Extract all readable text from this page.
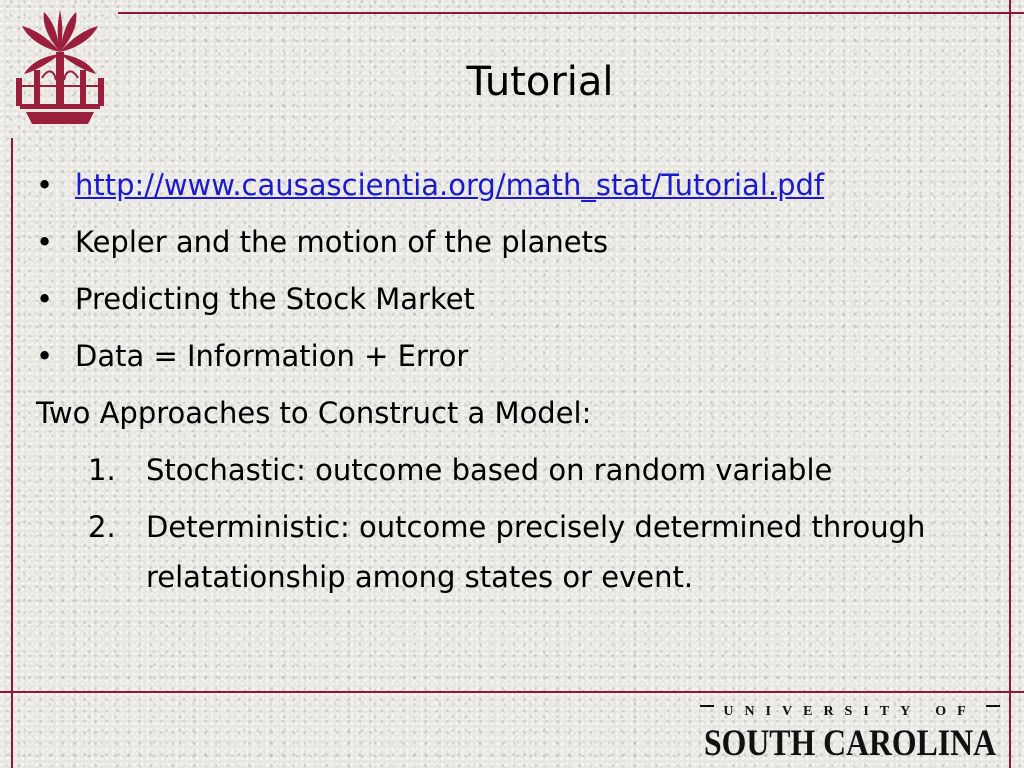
Tutorial
• http://www.causascientia.org/math_stat/Tutorial.pdf
• Kepler and the motion of the planets
• Predicting the Stock Market
• Data = Information + Error
Two Approaches to Construct a Model:
1. Stochastic: outcome based on random variable
2. Deterministic: outcome precisely determined through relatationship among states or event.
UNIVERSITY OF
SOUTH CAROLINA
